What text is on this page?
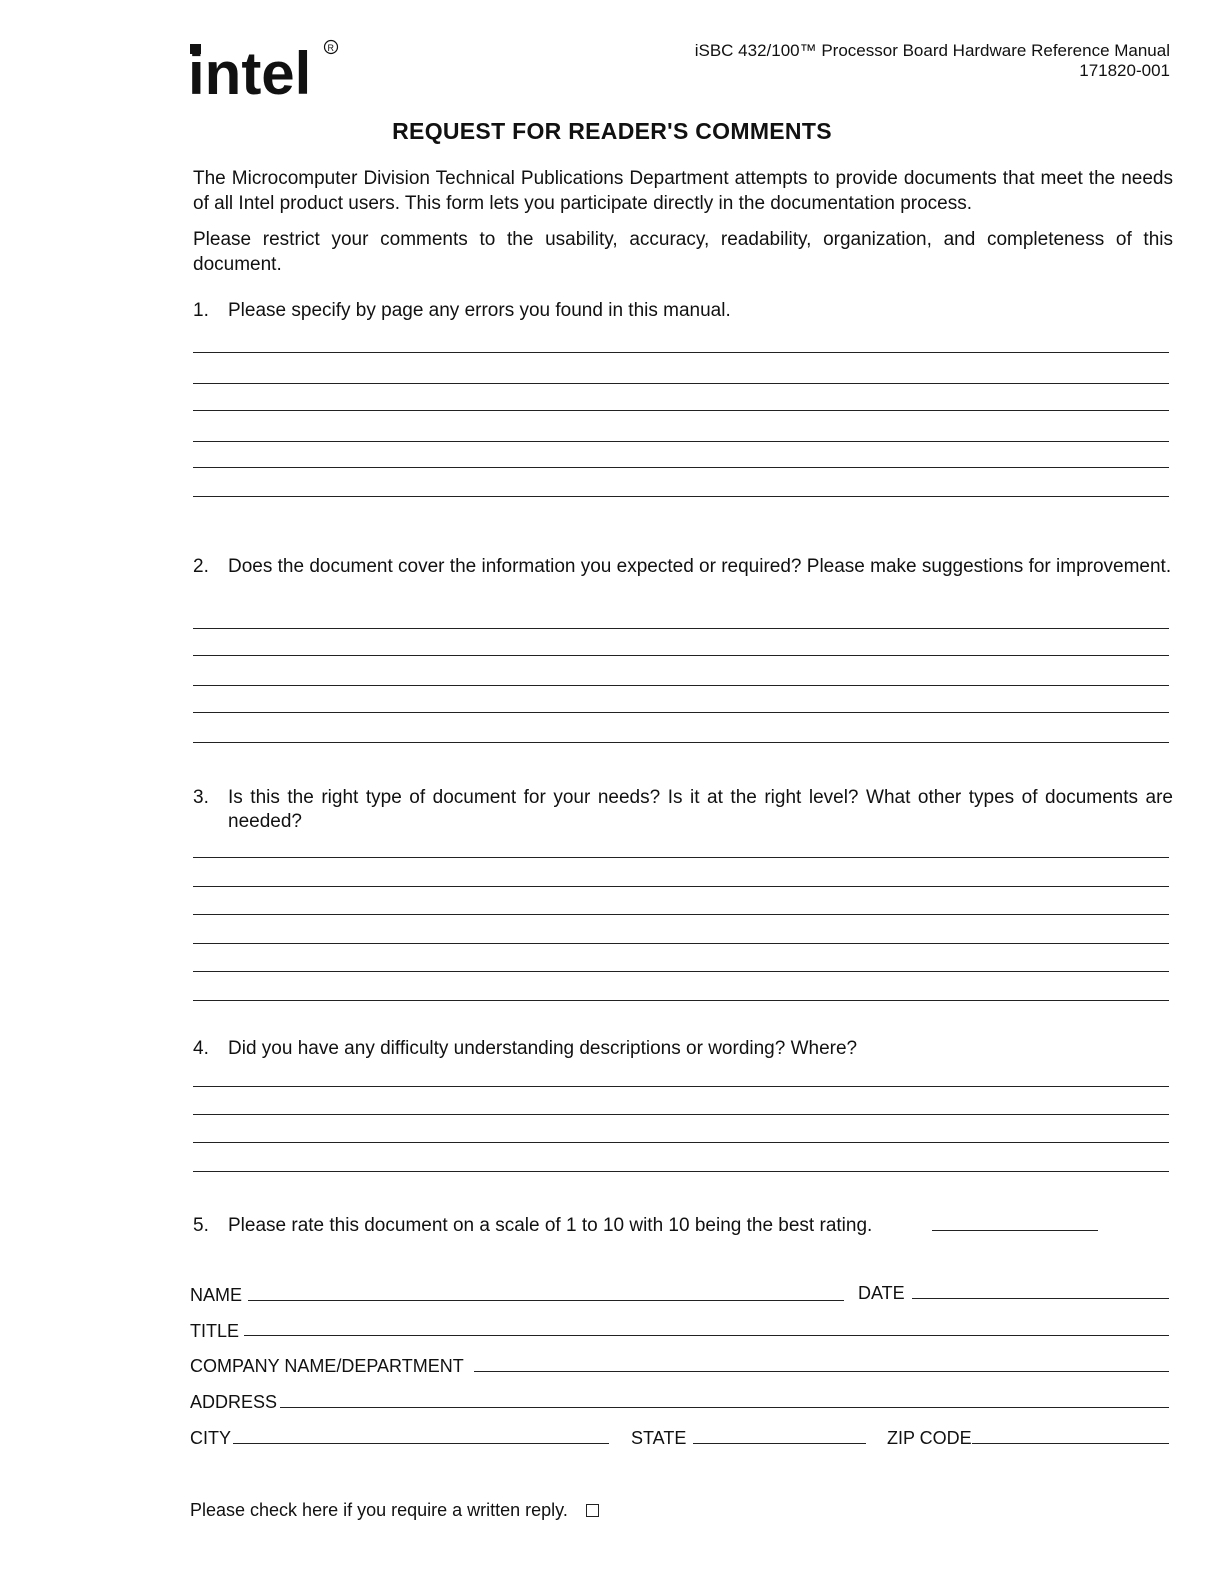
intel R	iSBC 432/100™ Processor Board Hardware Reference Manual
171820-001
REQUEST FOR READER'S COMMENTS
The Microcomputer Division Technical Publications Department attempts to provide documents that meet the needs of all Intel product users. This form lets you participate directly in the documentation process.
Please restrict your comments to the usability, accuracy, readability, organization, and completeness of this document.
1.	Please specify by page any errors you found in this manual.
2.	Does the document cover the information you expected or required? Please make suggestions for improvement.
3.	Is this the right type of document for your needs? Is it at the right level? What other types of documents are needed?
4.	Did you have any difficulty understanding descriptions or wording? Where?
5.	Please rate this document on a scale of 1 to 10 with 10 being the best rating.
NAME	DATE
TITLE
COMPANY NAME/DEPARTMENT
ADDRESS
CITY	STATE	ZIP CODE
Please check here if you require a written reply.
